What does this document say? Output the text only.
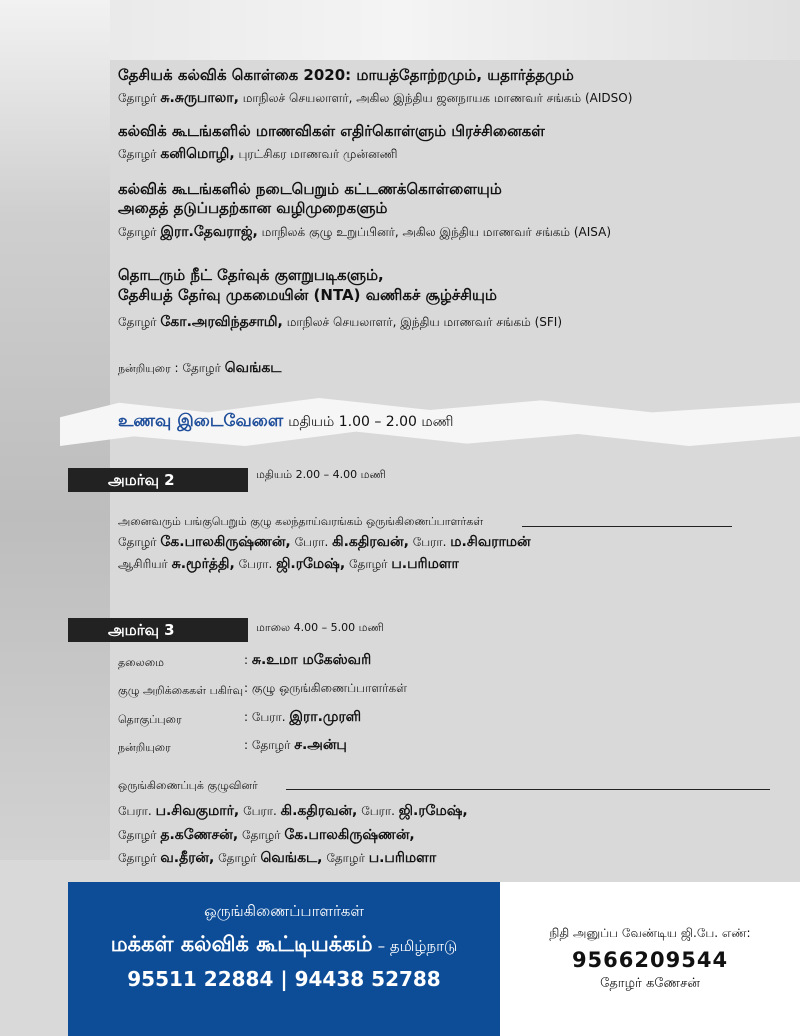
தேசியக் கல்விக் கொள்கை 2020: மாயத்தோற்றமும், யதார்த்தமும்
தோழர் சு.சுருபாலா, மாநிலச் செயலாளர், அகில இந்திய ஜனநாயக மாணவர் சங்கம் (AIDSO)
கல்விக் கூடங்களில் மாணவிகள் எதிர்கொள்ளும் பிரச்சினைகள்
தோழர் கனிமொழி, புரட்சிகர மாணவர் முன்னணி
கல்விக் கூடங்களில் நடைபெறும் கட்டணக்கொள்ளையும்
அதைத் தடுப்பதற்கான வழிமுறைகளும்
தோழர் இரா.தேவராஜ், மாநிலக் குழு உறுப்பினர், அகில இந்திய மாணவர் சங்கம் (AISA)
தொடரும் நீட் தேர்வுக் குளறுபடிகளும்,
தேசியத் தேர்வு முகமையின் (NTA) வணிகச் சூழ்ச்சியும்
தோழர் கோ.அரவிந்தசாமி, மாநிலச் செயலாளர், இந்திய மாணவர் சங்கம் (SFI)
நன்றியுரை : தோழர் வெங்கட
உணவு இடைவேளை மதியம் 1.00 – 2.00 மணி
அமர்வு 2	மதியம் 2.00 – 4.00 மணி
அனைவரும் பங்குபெறும் குழு கலந்தாய்வரங்கம் ஒருங்கிணைப்பாளர்கள்
தோழர் கே.பாலகிருஷ்ணன், பேரா. கி.கதிரவன், பேரா. ம.சிவராமன்
ஆசிரியர் சு.மூர்த்தி, பேரா. ஜி.ரமேஷ், தோழர் ப.பரிமளா
அமர்வு 3	மாலை 4.00 – 5.00 மணி
தலைமை	: சு.உமா மகேஸ்வரி
குழு அறிக்கைகள் பகிர்வு : குழு ஒருங்கிணைப்பாளர்கள்
தொகுப்புரை	: பேரா. இரா.முரளி
நன்றியுரை	: தோழர் ச.அன்பு
ஒருங்கிணைப்புக் குழுவினர்
பேரா. ப.சிவகுமார், பேரா. கி.கதிரவன், பேரா. ஜி.ரமேஷ்,
தோழர் த.கணேசன், தோழர் கே.பாலகிருஷ்ணன்,
தோழர் வ.தீரன், தோழர் வெங்கட, தோழர் ப.பரிமளா
ஒருங்கிணைப்பாளர்கள்
மக்கள் கல்விக் கூட்டியக்கம் – தமிழ்நாடு
95511 22884 | 94438 52788
நிதி அனுப்ப வேண்டிய ஜி.பே. எண்:
9566209544
தோழர் கணேசன்
